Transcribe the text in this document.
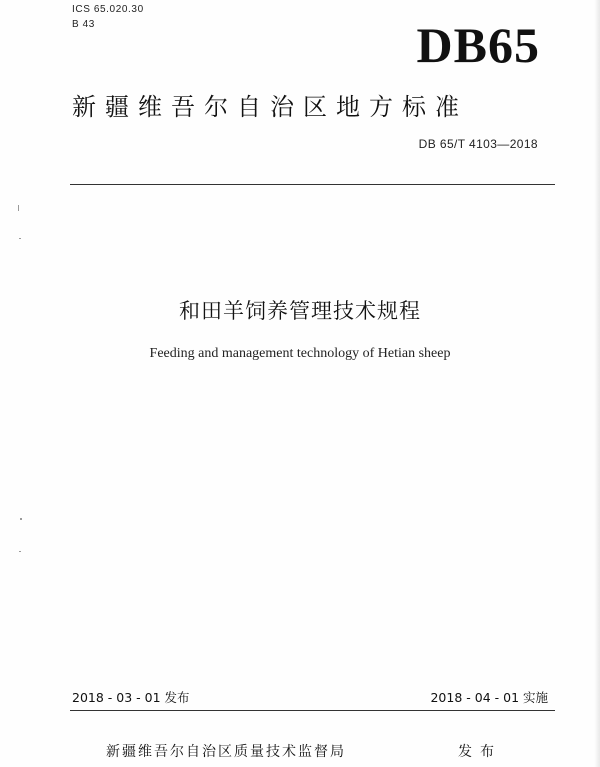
ICS 65.020.30
B 43	DB65
新疆维吾尔自治区地方标准
DB 65/T 4103—2018
和田羊饲养管理技术规程
Feeding and management technology of Hetian sheep
2018 - 03 - 01 发布	2018 - 04 - 01 实施
新疆维吾尔自治区质量技术监督局	发布
